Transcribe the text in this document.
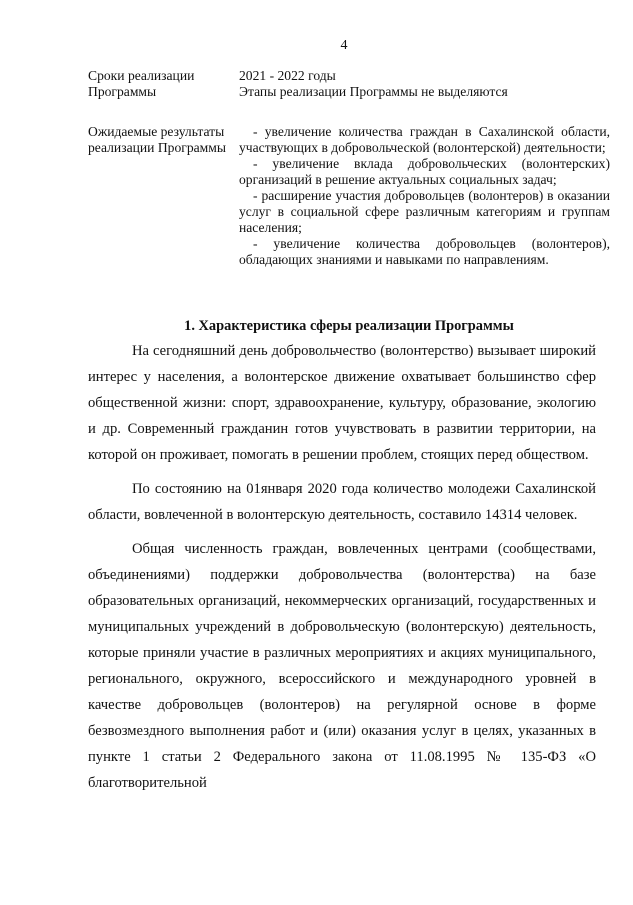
4
Сроки реализации Программы
2021 - 2022 годы
Этапы реализации Программы не выделяются
Ожидаемые результаты реализации Программы
- увеличение количества граждан в Сахалинской области, участвующих в добровольческой (волонтерской) деятельности;
- увеличение вклада добровольческих (волонтерских) организаций в решение актуальных социальных задач;
- расширение участия добровольцев (волонтеров) в оказании услуг в социальной сфере различным категориям и группам населения;
- увеличение количества добровольцев (волонтеров), обладающих знаниями и навыками по направлениям.
1. Характеристика сферы реализации Программы

На сегодняшний день добровольчество (волонтерство) вызывает широкий интерес у населения, а волонтерское движение охватывает большинство сфер общественной жизни: спорт, здравоохранение, культуру, образование, экологию и др. Современный гражданин готов учувствовать в развитии территории, на которой он проживает, помогать в решении проблем, стоящих перед обществом.

По состоянию на 01января 2020 года количество молодежи Сахалинской области, вовлеченной в волонтерскую деятельность, составило 14314 человек.

Общая численность граждан, вовлеченных центрами (сообществами, объединениями) поддержки добровольчества (волонтерства) на базе образовательных организаций, некоммерческих организаций, государственных и муниципальных учреждений в добровольческую (волонтерскую) деятельность, которые приняли участие в различных мероприятиях и акциях муниципального, регионального, окружного, всероссийского и международного уровней в качестве добровольцев (волонтеров) на регулярной основе в форме безвозмездного выполнения работ и (или) оказания услуг в целях, указанных в пункте 1 статьи 2 Федерального закона от 11.08.1995 № 135-ФЗ «О благотворительной
